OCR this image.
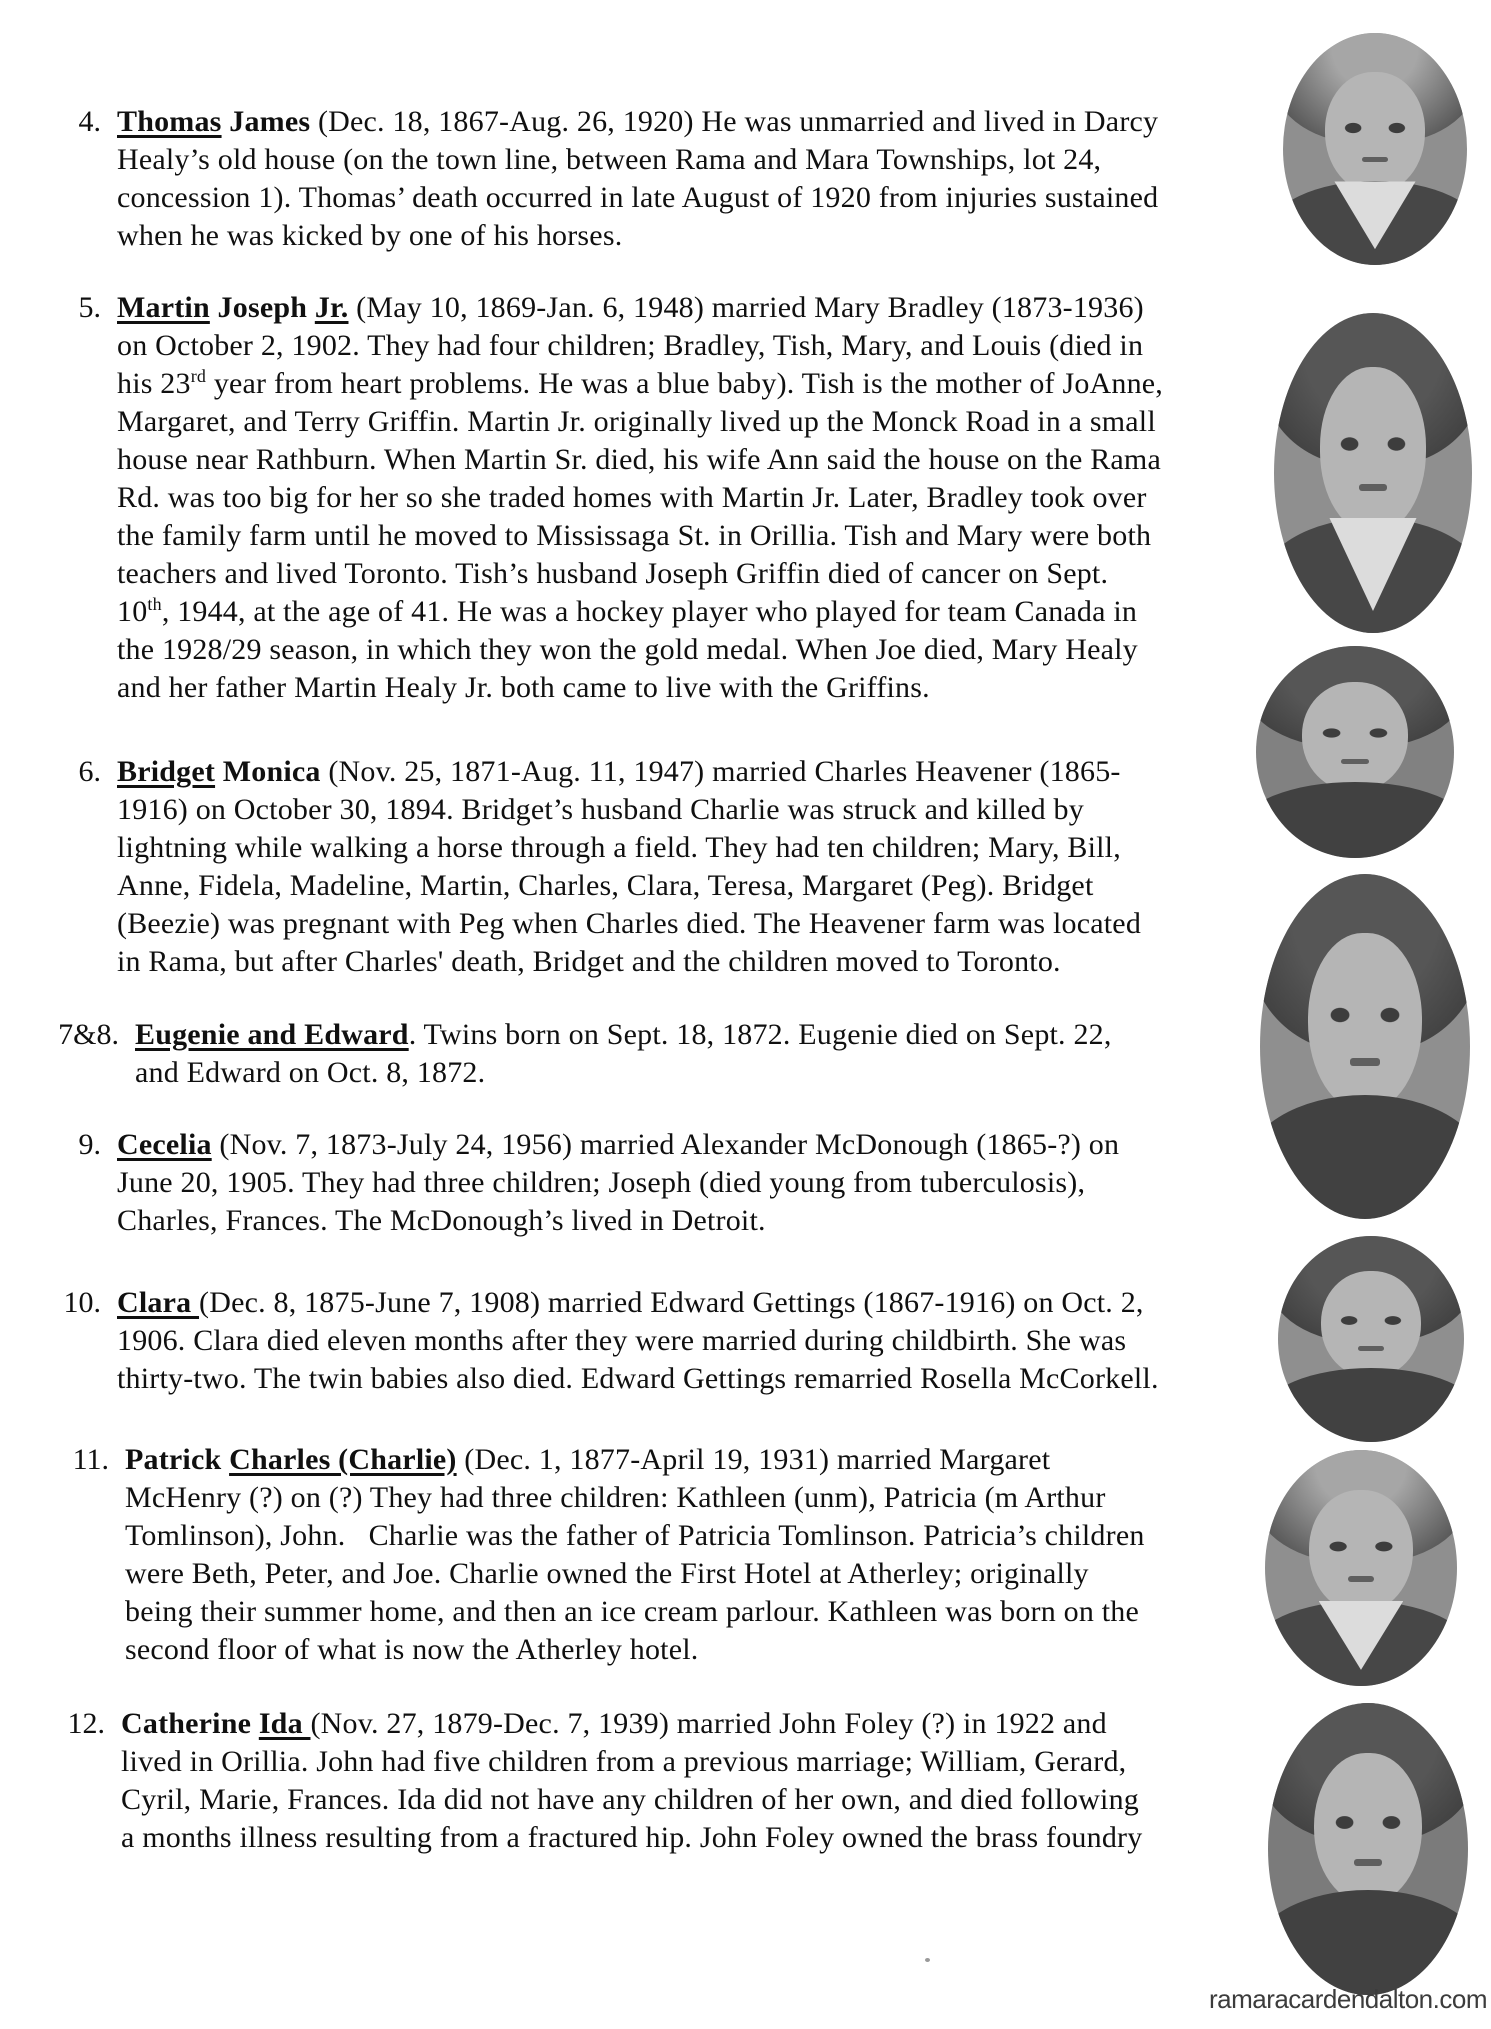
4. Thomas James (Dec. 18, 1867-Aug. 26, 1920) He was unmarried and lived in Darcy
Healy’s old house (on the town line, between Rama and Mara Townships, lot 24,
concession 1). Thomas’ death occurred in late August of 1920 from injuries sustained
when he was kicked by one of his horses.
5. Martin Joseph Jr. (May 10, 1869-Jan. 6, 1948) married Mary Bradley (1873-1936)
on October 2, 1902. They had four children; Bradley, Tish, Mary, and Louis (died in
his 23rd year from heart problems. He was a blue baby). Tish is the mother of JoAnne,
Margaret, and Terry Griffin. Martin Jr. originally lived up the Monck Road in a small
house near Rathburn. When Martin Sr. died, his wife Ann said the house on the Rama
Rd. was too big for her so she traded homes with Martin Jr. Later, Bradley took over
the family farm until he moved to Mississaga St. in Orillia. Tish and Mary were both
teachers and lived Toronto. Tish’s husband Joseph Griffin died of cancer on Sept.
10th, 1944, at the age of 41. He was a hockey player who played for team Canada in
the 1928/29 season, in which they won the gold medal. When Joe died, Mary Healy
and her father Martin Healy Jr. both came to live with the Griffins.
6. Bridget Monica (Nov. 25, 1871-Aug. 11, 1947) married Charles Heavener (1865-
1916) on October 30, 1894. Bridget’s husband Charlie was struck and killed by
lightning while walking a horse through a field. They had ten children; Mary, Bill,
Anne, Fidela, Madeline, Martin, Charles, Clara, Teresa, Margaret (Peg). Bridget
(Beezie) was pregnant with Peg when Charles died. The Heavener farm was located
in Rama, but after Charles' death, Bridget and the children moved to Toronto.
7&8. Eugenie and Edward. Twins born on Sept. 18, 1872. Eugenie died on Sept. 22,
and Edward on Oct. 8, 1872.
9. Cecelia (Nov. 7, 1873-July 24, 1956) married Alexander McDonough (1865-?) on
June 20, 1905. They had three children; Joseph (died young from tuberculosis),
Charles, Frances. The McDonough’s lived in Detroit.
10. Clara (Dec. 8, 1875-June 7, 1908) married Edward Gettings (1867-1916) on Oct. 2,
1906. Clara died eleven months after they were married during childbirth. She was
thirty-two. The twin babies also died. Edward Gettings remarried Rosella McCorkell.
11. Patrick Charles (Charlie) (Dec. 1, 1877-April 19, 1931) married Margaret
McHenry (?) on (?) They had three children: Kathleen (unm), Patricia (m Arthur
Tomlinson), John.   Charlie was the father of Patricia Tomlinson. Patricia’s children
were Beth, Peter, and Joe. Charlie owned the First Hotel at Atherley; originally
being their summer home, and then an ice cream parlour. Kathleen was born on the
second floor of what is now the Atherley hotel.
12. Catherine Ida (Nov. 27, 1879-Dec. 7, 1939) married John Foley (?) in 1922 and
lived in Orillia. John had five children from a previous marriage; William, Gerard,
Cyril, Marie, Frances. Ida did not have any children of her own, and died following
a months illness resulting from a fractured hip. John Foley owned the brass foundry
ramaracardendalton.com
